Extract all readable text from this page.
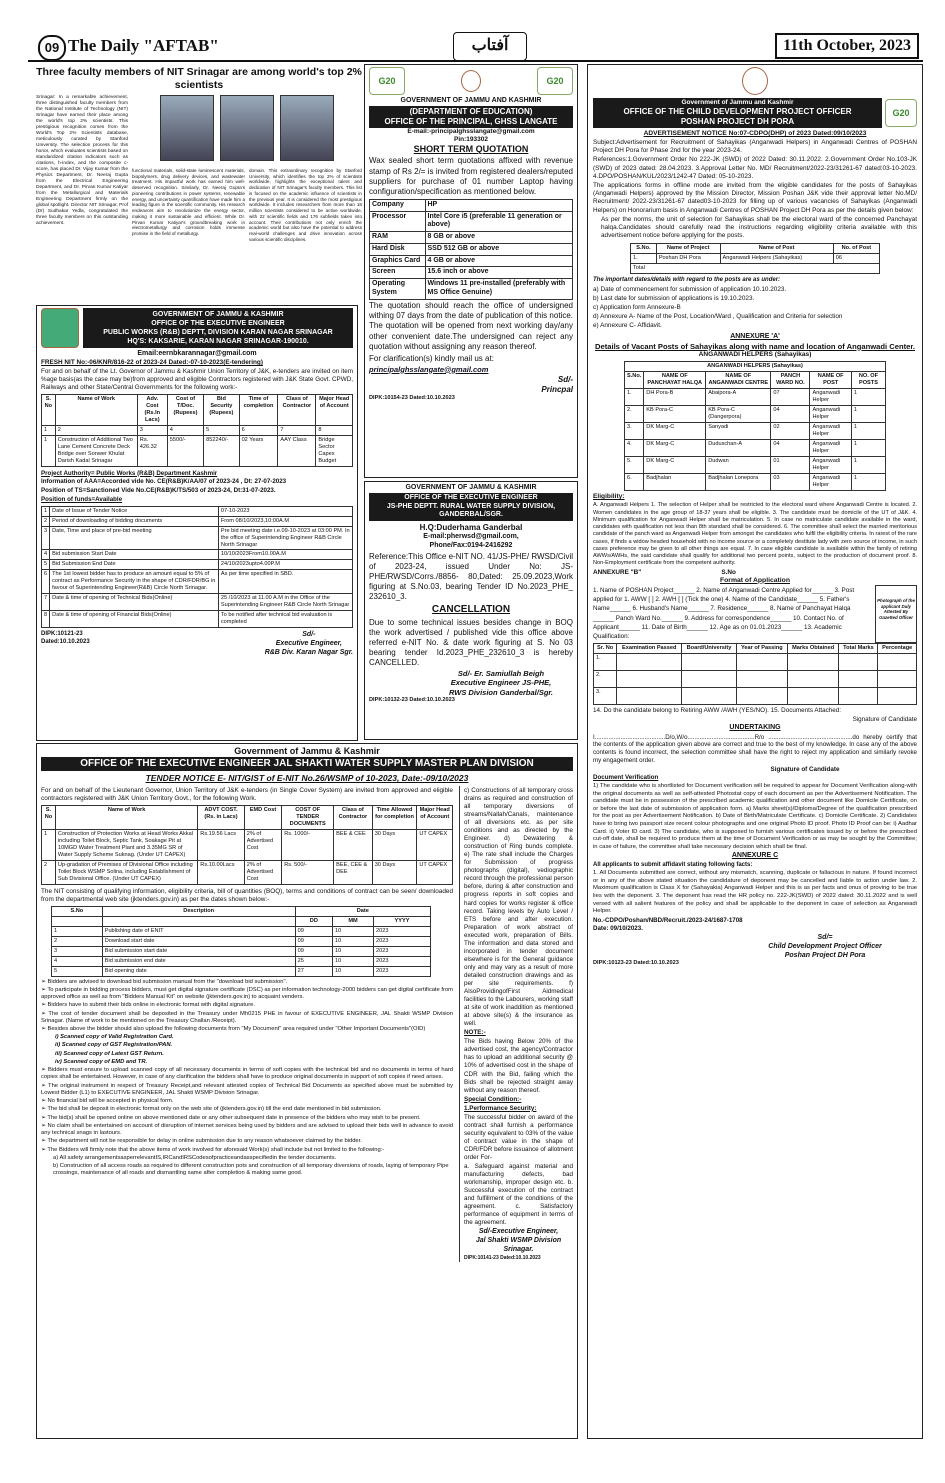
09 The Daily "AFTAB"	آفتاب	11th October, 2023
Three faculty members of NIT Srinagar are among world's top 2% scientists
Srinagar: In a remarkable achievement, three distinguished faculty members from the National Institute of Technology (NIT) Srinagar have earned their place among the world's top 2% scientists. This prestigious recognition comes from the World's Top 2% Scientists database, meticulously curated by Stanford University. The selection process for this honor, which evaluates scientists based on standardized citation indicators such as citations, h-index, and the composite c-score, has placed Dr. Vijay Kumar from the Physics Department, Dr. Neeraj Gupta from the Electrical Engineering Department, and Dr. Pirvan Kumar Katiyar from the Metallurgical and Materials Engineering Department firmly on the global spotlight. Director NIT Srinagar, Prof (Dr) Sudhakar Yedla, congratulated the three faculty members on this outstanding achievement.
functional materials, solid-state luminescent materials, biopolymers, drug delivery devices, and wastewater treatment. His impactful work has earned him well-deserved recognition. Similarly, Dr. Neeraj Gupta's pioneering contributions in power systems, renewable energy, and uncertainty quantification have made him a leading figure in the scientific community. His research endeavors aim to revolutionize the energy sector, making it more sustainable and efficient. While Dr. Pirvan Kumar Katiyar's groundbreaking work in electrometallurgy and corrosion holds immense promise in the field of metallurgy.
domain. This extraordinary recognition by Stanford University, which identifies the top 2% of scientists worldwide, highlights the exceptional talent and dedication of NIT Srinagar's faculty members. This list is focused on the academic influence of scientists in the previous year. It is considered the most prestigious worldwide. It includes researchers from more than 18 million scientists considered to be active worldwide, with 22 scientific fields and 176 subfields taken into account. Their contributions not only enrich the academic world but also have the potential to address real-world challenges and drive innovation across various scientific disciplines.
GOVERNMENT OF JAMMU & KASHMIR
OFFICE OF THE EXECUTIVE ENGINEER
PUBLIC WORKS (R&B) DEPTT, DIVISION KARAN NAGAR SRINAGAR
HQ'S: KAKSARIE, KARAN NAGAR SRINAGAR-190010.
Email:eernbkarannagar@gmail.com
FRESH NIT No:-06/KNR/816-22 of 2023-24 Dated:-07-10-2023(E-tendering)

For and on behalf of the Lt. Governor of Jammu & Kashmir Union Territory of J&K, e-tenders are invited on item %age basis(as the case may be)from approved and eligible Contractors registered with J&K State Govt. CPWD, Railways and other State/Central Governments for the following work:-

S. No	Name of Work	Adv. Cost (Rs.In Lacs)	Cost of T/Doc. (Rupees)	Bid Security (Rupees)	Time of completion	Class of Contractor	Major Head of Account
1	2	3	4	5	6	7	8
1	Construction of Additional Two Lane Cement Concrete Deck Bridge over Sonwer Khulat Darish Kadal Srinagar	Rs. 426.32	5500/-	852240/-	02 Years	AAY Class	Bridge Sector Capex Budget

Project Authority= Public Works (R&B) Department Kashmir

Information of AAA=Accorded vide No. CE(R&B)K/AA/07 of 2023-24 , Dt: 27-07-2023

Position of TS=Sanctioned Vide No.CE(R&B)K/TS/503 of 2023-24, Dt:31-07-2023.

Position of funds=Available

1	Date of Issue of Tender Notice	07-10-2023
2	Period of downloading of bidding documents	From 08/10/2023,10:00A.M
3	Date, Time and place of pre-bid meeting	Pre bid meeting date i.e.09-10-2023 at 03:00 PM. In the office of Superintending Engineer R&B Circle North Srinagar
4	Bid submission Start Date	10/10/2023From10.00A.M
5	Bid Submission End Date	24/10/2023upto4.00P.M
6	The 1st lowest bidder has to produce an amount equal to 5% of contract as Performance Security in the shape of CDR/FDR/BG in favour of Superintending Engineer(R&B) Circle North Srinagar.	As per time specified in SBD.
7	Date & time of opening of Technical Bids(Online)	25 /10/2023 at 11.00 A.M in the Office of the Superintending Engineer R&B Circle North Srinagar
8	Date & time of opening of Financial Bids(Online)	To be notified after technical bid evaluation is completed
DIPK:10121-23
Dated:10.10.2023
Sd/-
Executive Engineer,
R&B Div. Karan Nagar Sgr.
G20	G20
GOVERNMENT OF JAMMU AND KASHMIR
(DEPARTMENT OF EDUCATION)
OFFICE OF THE PRINCIPAL, GHSS LANGATE
E-mail:-principalghsslangate@gmail.com
Pin:193302
SHORT TERM QUOTATION

Wax sealed short term quotations affixed with revenue stamp of Rs 2/= is invited from registered dealers/reputed suppliers for purchase of 01 number Laptop having configuration/specification as mentioned below.

Company	HP
Processor	Intel Core i5 (preferable 11 generation or above)
RAM	8 GB or above
Hard Disk	SSD 512 GB or above
Graphics Card	4 GB or above
Screen	15.6 inch or above
Operating System	Windows 11 pre-installed (preferably with MS Office Genuine)

The quotation should reach the office of undersigned withing 07 days from the date of publication of this notice. The quotation will be opened from next working day/any other convenient date.The undersigned can reject any quotation without assigning any reason thereof.

For clarification(s) kindly mail us at:

principalghsslangate@gmail.com

Sd/-
Princpal
DIPK:10154-23 Dated:10.10.2023
GOVERNMENT OF JAMMU & KASHMIR
OFFICE OF THE EXECUTIVE ENGINEER
JS-PHE DEPTT. RURAL WATER SUPPLY DIVISION, GANDERBAL/SGR.
H.Q:Duderhama Ganderbal
E-mail:pherwsd@gmail.com,
Phone/Fax:0194-2416292

Reference:This Office e-NIT NO. 41/JS-PHE/ RWSD/Civil of 2023-24, issued Under No: JS-PHE/RWSD/Corrs./8856- 80,Dated: 25.09.2023,Work figuring at S.No.03, bearing Tender ID No.2023_PHE_ 232610_3.

CANCELLATION

Due to some technical issues besides change in BOQ the work advertised / published vide this office above referred e-NIT No. & date work figuring at S. No 03 bearing tender Id.2023_PHE_232610_3 is hereby CANCELLED.

Sd/- Er. Samiullah Beigh
Executive Engineer JS-PHE,
RWS Division Ganderbal/Sgr.
DIPK:10132-23 Dated:10.10.2023
Government of Jammu & Kashmir
OFFICE OF THE EXECUTIVE ENGINEER JAL SHAKTI WATER SUPPLY MASTER PLAN DIVISION
TENDER NOTICE E- NIT/GIST of E-NIT No.26/WSMP of 10-2023, Date:-09/10/2023

For and on behalf of the Lieutenant Governor, Union Territory of J&K e-tenders (in Single Cover System) are invited from approved and eligible contractors registered with J&K Union Territory Govt., for the following Work.

S. No	Name of Work	ADVT COST. (Rs. in Lacs)	EMD Cost	COST OF TENDER DOCUMENTS	Class of Contractor	Time Allowed for completion	Major Head of Account
1	Construction of Protection Works at Head Works Akkal including Toilet Block, Septic Tank, Soakage Pit at 10MGD Water Treatment Plant and 3.35MG SR of Water Supply Scheme Suknag. (Under UT CAPEX)	Rs.19.56 Lacs	2% of Advertised Cost	Rs. 1000/-	BEE & CEE	30 Days	UT CAPEX
2	Up-gradation of Premises of Divisional Office including Toilet Block WSMP Solina, including Establishment of Sub Divisional Office. (Under UT CAPEX)	Rs.10.00Lacs	2% of Advertised Cost	Rs. 500/-	BEE, CEE & DEE	30 Days	UT CAPEX

The NIT consisting of qualifying information, eligibility criteria, bill of quantities (BOQ), terms and conditions of contract can be seen/ downloaded from the departmental web site (jktenders.gov.in) as per the dates shown below:-

S.No	Description	Date		
		DD	MM	YYYY
1	Publishing date of ENIT	09	10	2023
2	Download start date	09	10	2023
3	Bid submission start date	09	10	2023
4	Bid submission end date	25	10	2023
5	Bid opening date	27	10	2023

➢ Bidders are advised to download bid submission manual from the "download bid submission".

➢ To participate in bidding process bidders, must get digital signature certificate (DSC) as per information technology-2000 bidders can get digital certificate from approved office as well as from "Bidders Manual Kit" on website (jktenders.gov.in) to acquaint venders.

➢ Bidders have to submit their bids online in electronic format with digital signature.

➢ The cost of tender document shall be deposited in the Treasury under Mh0215 PHE in favour of EXECUTIVE ENGINEER, JAL Shakti WSMP Division Srinagar. (Name of work to be mentioned on the Treasury Challan /Receipt).

➢ Besides above the bidder should also upload the following documents from "My Document" area required under "Other Important Documents"(OID)

i) Scanned copy of Valid Registration Card.

ii) Scanned copy of GST Registration/PAN.

iii) Scanned copy of Latest GST Return.

iv) Scanned copy of EMD and TR.

➢ Bidders must ensure to upload scanned copy of all necessary documents in terms of soft copies with the technical bid and no documents in terms of hard copies shall be entertained. However, in case of any clarification the bidders shall have to produce original documents in support of soft copies if need arises.

➢ The original instrument in respect of Treasury Receipt,and relevant attested copies of Technical Bid Documents as specified above must be submitted by Lowest Bidder (L1) to EXECUTIVE ENGINEER, JAL Shakti WSMP Division Srinagar.

➢ No financial bid will be accepted in physical form.

➢ The bid shall be deposit in electronic format only on the web site of (jktenders.gov.in) till the end date mentioned in bid submission.

➢ The bid(s) shall be opened online on above mentioned date or any other subsequent date in presence of the bidders who may wish to be present.

➢ No claim shall be entertained on account of disruption of internet services being used by bidders and are advised to upload their bids well in advance to avoid any technical snags in lastours.

➢ The department will not be responsible for delay in online submission due to any reason whatsoever claimed by the bidder.

➢ The Bidders will firmly note that the above items of work involved for aforesaid Work(s) shall include but not limited to the following:-

a) All safety arrangementsasperrelevantIS,IRCandIRSCodesofpracticeandasspecifiedin the tender documents.

b) Construction of all access roads as required to different construction pots and construction of all temporary diversions of roads, laying of temporary Pipe crossings, maintenance of all roads and dismantling same after completion & making same good.

c) Constructions of all temporary cross drains as required and construction of all temporary diversions of streams/Nallah/Canals, maintenance of all diversions etc. as per site conditions and as directed by the Engineer. d) Dewatering & construction of Ring bunds complete. e) The rate shall include the Charges for Submission of progress photographs (digital), vediographic record through the professional person before, during & after construction and progress reports in soft copies and hard copies for works register & office record. Taking levels by Auto Level / ETS before and after execution. Preparation of work abstract of executed work, preparation of Bills. The information and data stored and incorporated in tender document elsewhere is for the General guidance only and may vary as a result of more detailed construction drawings and as per site requirements. f) AlsoProvidingofFirst Aidmedical facilities to the Labourers, working staff at site of work inaddition as mentioned at above site(s) & the insurance as well.

NOTE:-

The Bids having Below 20% of the advertised cost, the agency/Contractor has to upload an additional security @ 10% of advertised cost in the shape of CDR with the Bid, failing which the Bids shall be rejected straight away without any reason thereof.

Special Condition:-

1.Performance Security:

The successful bidder on award of the contract shall furnish a performance security equivalent to 03% of the value of contract value in the shape of CDR/FDR before issuance of allotment order For-

a. Safeguard against material and manufacturing defects, bad workmanship, improper design etc. b. Successful execution of the contract and fulfillment of the conditions of the agreement. c. Satisfactory performance of equipment in terms of the agreement.

Sd/-Executive Engineer,
Jal Shakti WSMP Division
Srinagar.
DIPK:10141-23 Dated:10.10.2023
Government of Jammu and Kashmir
OFFICE OF THE CHILD DEVELOPMENT PROJECT OFFICER
POSHAN PROJECT DH PORA
G20
ADVERTISEMENT NOTICE No:07-CDPO(DHP) of 2023 Dated:09/10/2023

Subject:Advertisement for Recruitment of Sahayikas (Anganwadi Helpers) in Anganwadi Centres of POSHAN Project DH Pora for Phase 2nd for the year 2023-24.

References:1.Government Order No 222-JK (SWD) of 2022 Dated: 30.11.2022. 2.Government Order No.103-JK (SWD) of 2023 dated: 28.04.2023. 3.Approval Letter No. MD/ Recruitment/2022-23/31261-67 dated:03-10-2023. 4.DPO/POSHAN/KUL/2023/1242-47 Dated: 05-10-2023.

The applications forms in offline mode are invited from the eligible candidates for the posts of Sahayikas (Anganwadi Helpers) approved by the Mission Director, Mission Poshan J&K vide their approval letter No.MD/ Recruitment/ 2022-23/31261-67 dated03-10-2023 for filling up of various vacancies of Sahayikas (Anganwadi Helpers) on Honorarium basis in Anganwadi Centres of POSHAN Project DH Pora as per the details given below:

As per the norms, the unit of selection for Sahayikas shall be the electoral ward of the concerned Panchayat halqa.Candidates should carefully read the instructions regarding eligibility criteria available with this advertisement notice before applying for the posts.

S.No.	Name of Project	Name of Post	No. of Post
1.	Poshan DH Pora	Anganwadi Helpers (Sahayikas)	06
Total			

The important dates/details with regard to the posts are as under:

a) Date of commencement for submission of application 10.10.2023.

b) Last date for submission of applications is 19.10.2023.

c) Application form Annexure-B

d) Annexure A- Name of the Post, Location/Ward , Qualification and Criteria for selection

e) Annexure C- Affidavit.

ANNEXURE 'A'
Details of Vacant Posts of Sahayikas along with name and location of Anganwadi Center.
ANGANWADI HELPERS (Sahayikas)
ANGANWADI HELPERS (Sahayikas)					
S.No.	NAME OF PANCHAYAT HALQA	NAME OF ANGANWADI CENTRE	PANCH WARD NO.	NAME OF POST	NO. OF POSTS
1.	DH Pora-B	Abaipora-A	07	Anganwadi Helper	1
2.	KB Pora-C	KB Pora-C (Dangerpora)	04	Anganwadi Helper	1
3.	DK Marg-C	Sanyadi	02	Anganwadi Helper	1
4.	DK Marg-C	Duduschan-A	04	Anganwadi Helper	1
5.	DK Marg-C	Dudwan	01	Anganwadi Helper	1
6.	Badjhalan	Badjhalan Lonepora	03	Anganwadi Helper	1

Eligibility:

A. Anganwadi Helpers 1. The selection of Helper shall be restricted to the electoral ward where Anganwadi Centre is located. 2. Women candidates in the age group of 18-37 years shall be eligible. 3. The candidate must be domicile of the UT of J&K. 4. Minimum qualification for Anganwadi Helper shall be matriculation. 5. In case no matriculate candidate available in the ward, candidates with qualification not less than 8th standard shall be considered. 6. The committee shall select the married meritorious candidate of the panch ward as Anganwadi Helper from amongst the candidates who fulfil the eligibility criteria. In rarest of the rare cases, if finds a widow headed household with no income source or a completely destitute lady with zero source of income, in such cases preference may be given to all other things are equal. 7. In case eligible candidate is available within the family of retiring AWWs/AWHs, the said candidate shall qualify for additional two percent points, subject to the production of document proof. 8. Non-Employment certificate from the competent authority.

ANNEXURE "B"	S.No
Format of Application

1. Name of POSHAN Project______ 2. Name of Anganwadi Centre Applied for______ 3. Post applied for 1. AWW [ ] 2. AWH [ ] (Tick the one) 4. Name of the Candidate______ 5. Father's Name______ 6. Husband's Name______ 7. Residence______ 8. Name of Panchayat Halqa ______ Panch Ward No.______ 9. Address for correspondence______ 10. Contact No. of Applicant______ 11. Date of Birth______ 12. Age as on 01.01.2023______ 13. Academic Qualification:

Photograph of the applicant Duly Attested By Gazetted Officer
Sr. No	Examination Passed	Board/University	Year of Passing	Marks Obtained	Total Marks	Percentage
1.						
2.						
3.						

14. Do the candidate belong to Retiring AWW /AWH (YES/NO). 15. Documents Attached:

Signature of Candidate
UNDERTAKING

I.........................................D/o,W/o.......................................R/o .................................................do hereby certify that the contents of the application given above are correct and true to the best of my knowledge. In case any of the above contents is found incorrect, the selection committee shall have the right to reject my application and similarly revoke my engagement order.

Signature of Candidate

Document Verification

1) The candidate who is shortlisted for Document verification will be required to appear for Document Verification along-with the original documents as well as self-attested Photostat copy of each document as per the Advertisement Notification. The candidate must be in possession of the prescribed academic qualification and other document like Domicile Certificate, on or before the last date of submission of application form. a) Marks sheet(s)/Diploma/Degree of the qualification prescribed for the post as per Advertisement Notification. b) Date of Birth/Matriculate Certificate. c) Domicile Certificate. 2) Candidates have to bring two passport size recent colour photographs and one original Photo ID proof. Photo ID Proof can be: i) Aadhar Card. ii) Voter ID card. 3) The candidate, who is supposed to furnish various certificates issued by or before the prescribed cut-off date, shall be required to produce them at the time of Document Verification or as may be sought by the Committee; in case of failure, the committee shall take necessary decision which shall be final.

ANNEXURE C

All applicants to submit affidavit stating following facts:

1. All Documents submitted are correct, without any mismatch, scanning, duplicate or fallacious in nature. If found incorrect or in any of the above stated situation the candidature of deponent may be cancelled and liable to action under law. 2. Maximum qualification is Class X for (Sahayakia) Anganwadi Helper and this is as per facts and onus of proving to be true lies with the deponent. 3. The deponent has read the HR policy no. 222-JK(SWD) of 2022 dated: 30.11.2022 and is well versed with all salient features of the policy and shall be applicable to the deponent in case of selection as Anganwadi Helper.

No.-CDPO/Poshan/NBD/Recruit./2023-24/1687-1708

Date: 09/10/2023.

Sd/=
Child Development Project Officer
Poshan Project DH Pora
DIPK:10123-23 Dated:10.10.2023
